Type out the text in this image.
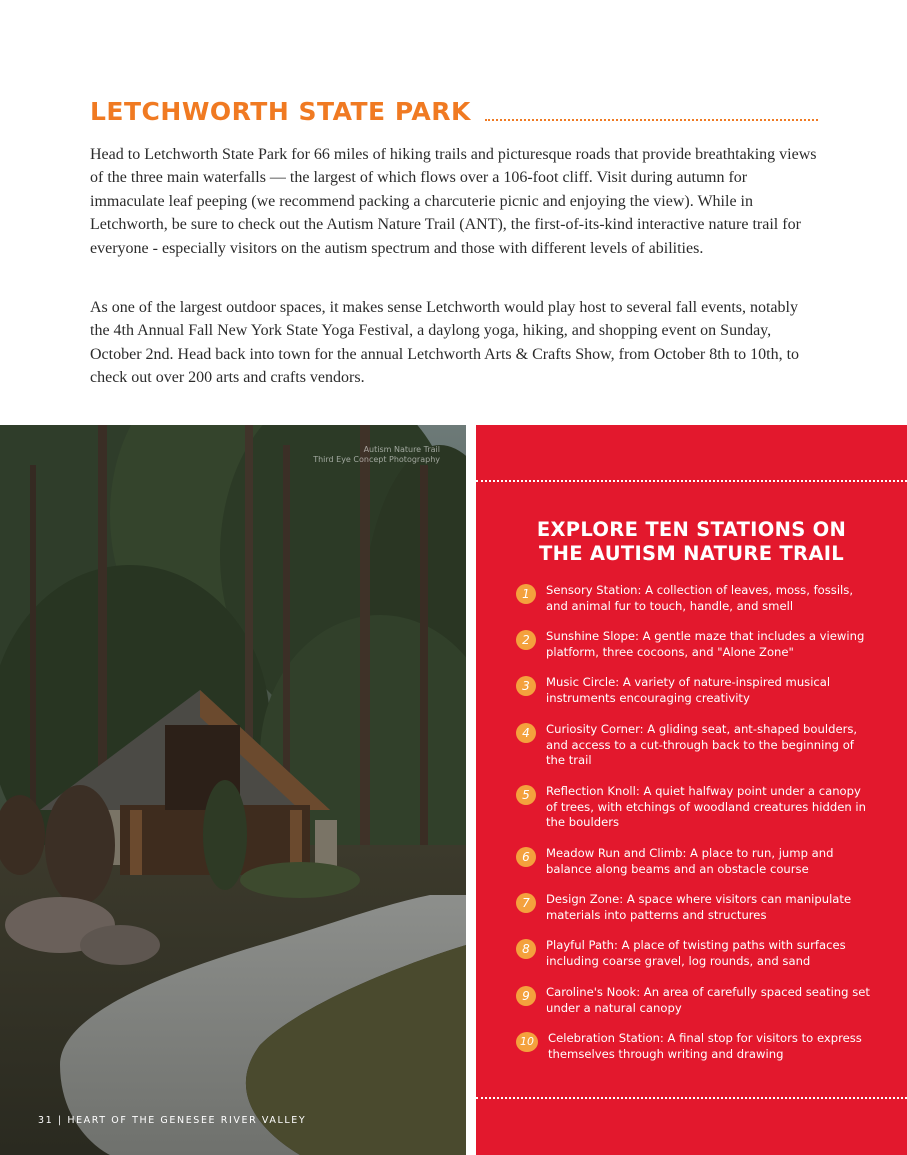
LETCHWORTH STATE PARK

Head to Letchworth State Park for 66 miles of hiking trails and picturesque roads that provide breathtaking views of the three main waterfalls — the largest of which flows over a 106-foot cliff. Visit during autumn for immaculate leaf peeping (we recommend packing a charcuterie picnic and enjoying the view). While in Letchworth, be sure to check out the Autism Nature Trail (ANT), the first-of-its-kind interactive nature trail for everyone - especially visitors on the autism spectrum and those with different levels of abilities.

As one of the largest outdoor spaces, it makes sense Letchworth would play host to several fall events, notably the 4th Annual Fall New York State Yoga Festival, a daylong yoga, hiking, and shopping event on Sunday, October 2nd. Head back into town for the annual Letchworth Arts & Crafts Show, from October 8th to 10th, to check out over 200 arts and crafts vendors.

Autism Nature Trail
Third Eye Concept Photography
31 | HEART OF THE GENESEE RIVER VALLEY
EXPLORE TEN STATIONS ON
THE AUTISM NATURE TRAIL
1	Sensory Station: A collection of leaves, moss, fossils, and animal fur to touch, handle, and smell
2	Sunshine Slope: A gentle maze that includes a viewing platform, three cocoons, and "Alone Zone"
3	Music Circle: A variety of nature-inspired musical instruments encouraging creativity
4	Curiosity Corner: A gliding seat, ant-shaped boulders, and access to a cut-through back to the beginning of the trail
5	Reflection Knoll: A quiet halfway point under a canopy of trees, with etchings of woodland creatures hidden in the boulders
6	Meadow Run and Climb: A place to run, jump and balance along beams and an obstacle course
7	Design Zone: A space where visitors can manipulate materials into patterns and structures
8	Playful Path: A place of twisting paths with surfaces including coarse gravel, log rounds, and sand
9	Caroline's Nook: An area of carefully spaced seating set under a natural canopy
10	Celebration Station: A final stop for visitors to express themselves through writing and drawing
